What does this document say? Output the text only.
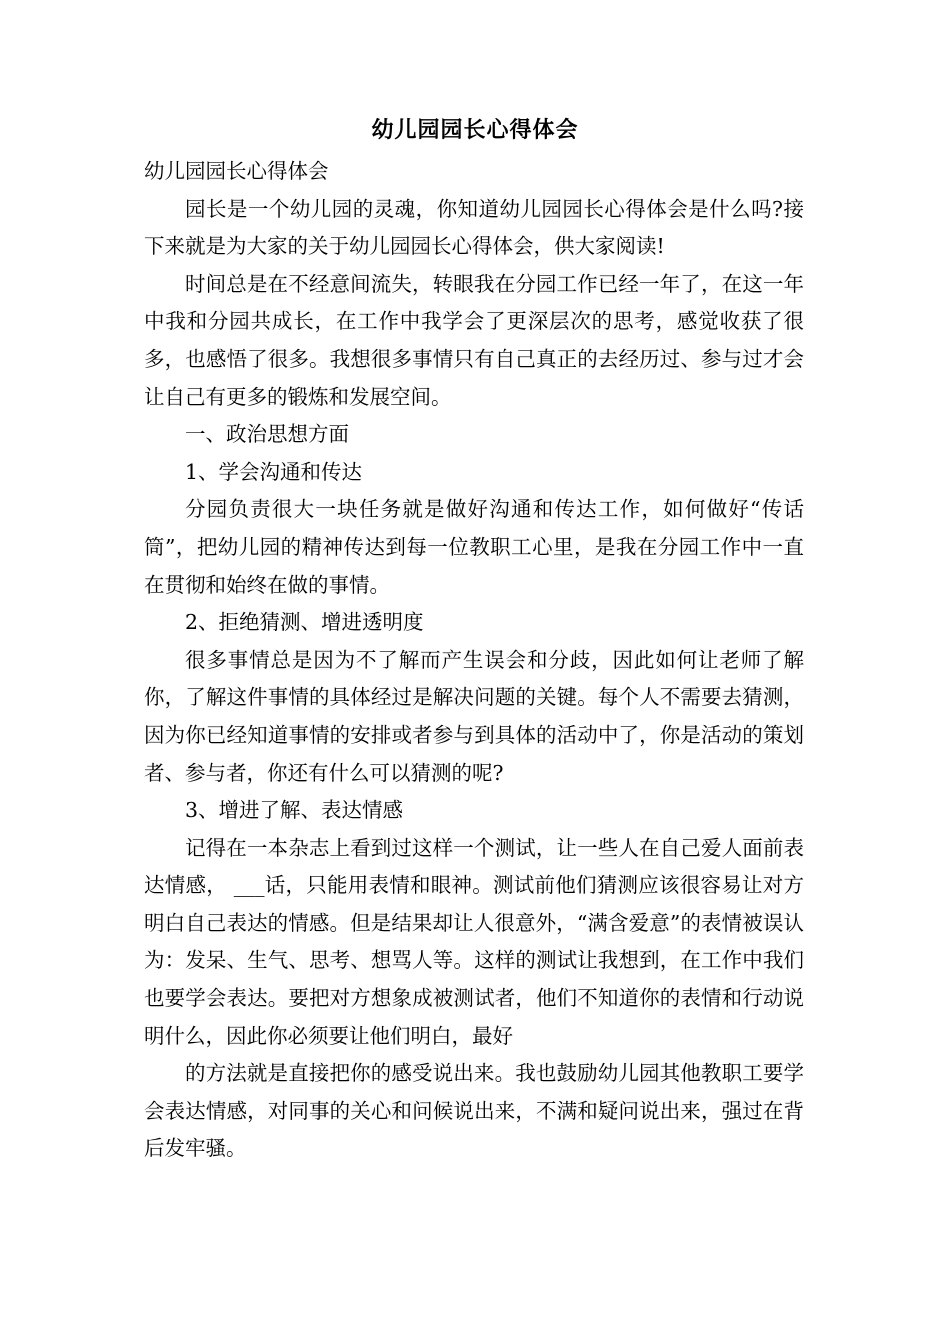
幼儿园园长心得体会

幼儿园园长心得体会

园长是一个幼儿园的灵魂，你知道幼儿园园长心得体会是什么吗?接下来就是为大家的关于幼儿园园长心得体会，供大家阅读!

时间总是在不经意间流失，转眼我在分园工作已经一年了，在这一年中我和分园共成长，在工作中我学会了更深层次的思考，感觉收获了很多，也感悟了很多。我想很多事情只有自己真正的去经历过、参与过才会让自己有更多的锻炼和发展空间。

一、政治思想方面

1、学会沟通和传达

分园负责很大一块任务就是做好沟通和传达工作，如何做好“传话筒”，把幼儿园的精神传达到每一位教职工心里，是我在分园工作中一直在贯彻和始终在做的事情。

2、拒绝猜测、增进透明度

很多事情总是因为不了解而产生误会和分歧，因此如何让老师了解你，了解这件事情的具体经过是解决问题的关键。每个人不需要去猜测，因为你已经知道事情的安排或者参与到具体的活动中了，你是活动的策划者、参与者，你还有什么可以猜测的呢?

3、增进了解、表达情感

记得在一本杂志上看到过这样一个测试，让一些人在自己爱人面前表达情感， ___话，只能用表情和眼神。测试前他们猜测应该很容易让对方明白自己表达的情感。但是结果却让人很意外，“满含爱意”的表情被误认为：发呆、生气、思考、想骂人等。这样的测试让我想到，在工作中我们也要学会表达。要把对方想象成被测试者，他们不知道你的表情和行动说明什么，因此你必须要让他们明白，最好

的方法就是直接把你的感受说出来。我也鼓励幼儿园其他教职工要学会表达情感，对同事的关心和问候说出来，不满和疑问说出来，强过在背后发牢骚。
